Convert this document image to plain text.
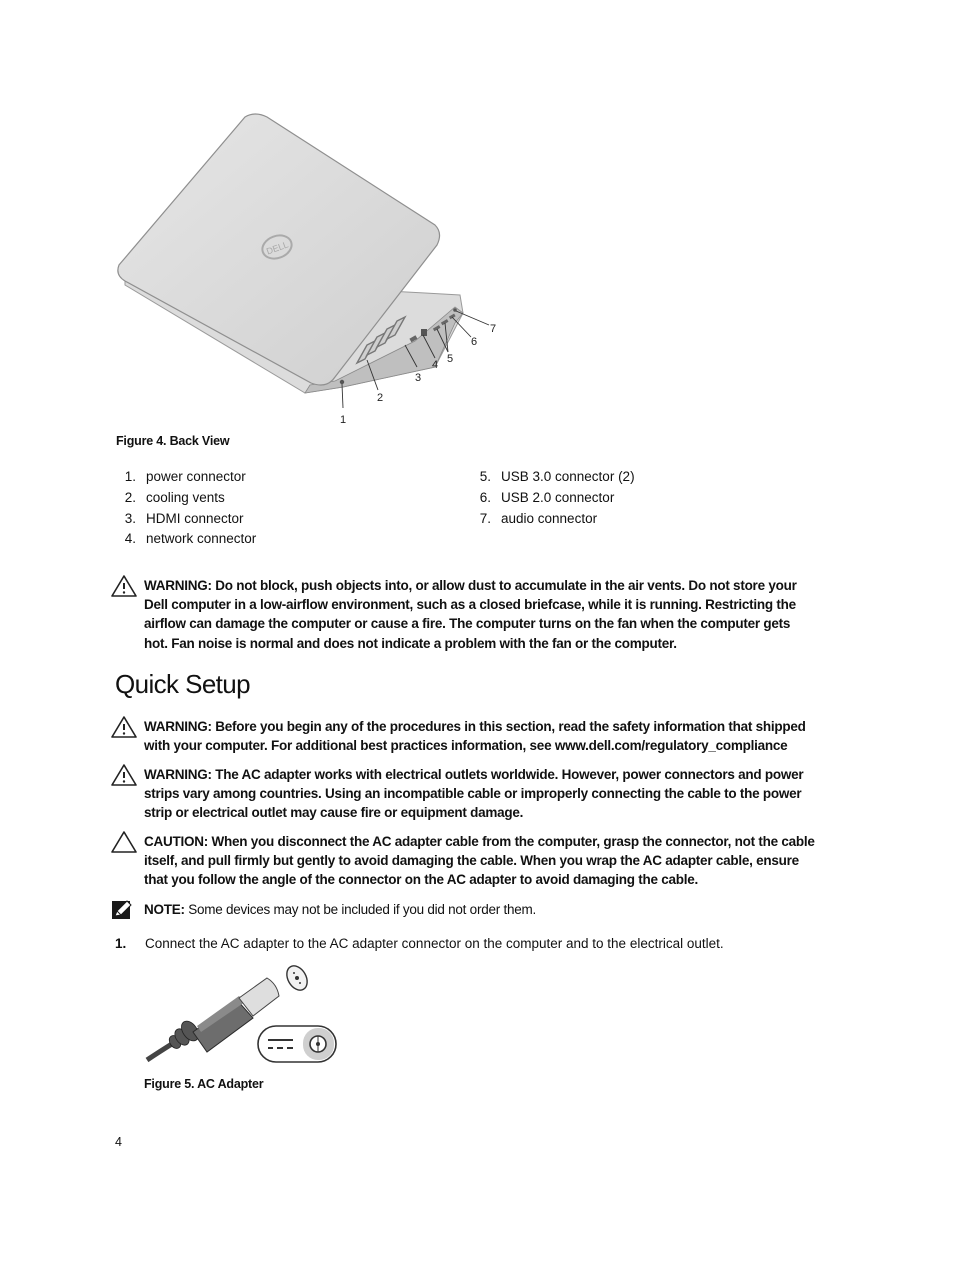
DELL
1
2
3
4 5
6
7
Figure 4. Back View
1. power connector
2. cooling vents
3. HDMI connector
4. network connector
5. USB 3.0 connector (2)
6. USB 2.0 connector
7. audio connector
WARNING: Do not block, push objects into, or allow dust to accumulate in the air vents. Do not store your Dell computer in a low-airflow environment, such as a closed briefcase, while it is running. Restricting the airflow can damage the computer or cause a fire. The computer turns on the fan when the computer gets hot. Fan noise is normal and does not indicate a problem with the fan or the computer.
Quick Setup
WARNING: Before you begin any of the procedures in this section, read the safety information that shipped with your computer. For additional best practices information, see www.dell.com/regulatory_compliance
WARNING: The AC adapter works with electrical outlets worldwide. However, power connectors and power strips vary among countries. Using an incompatible cable or improperly connecting the cable to the power strip or electrical outlet may cause fire or equipment damage.
CAUTION: When you disconnect the AC adapter cable from the computer, grasp the connector, not the cable itself, and pull firmly but gently to avoid damaging the cable. When you wrap the AC adapter cable, ensure that you follow the angle of the connector on the AC adapter to avoid damaging the cable.
NOTE: Some devices may not be included if you did not order them.
1.	Connect the AC adapter to the AC adapter connector on the computer and to the electrical outlet.
Figure 5. AC Adapter
4
